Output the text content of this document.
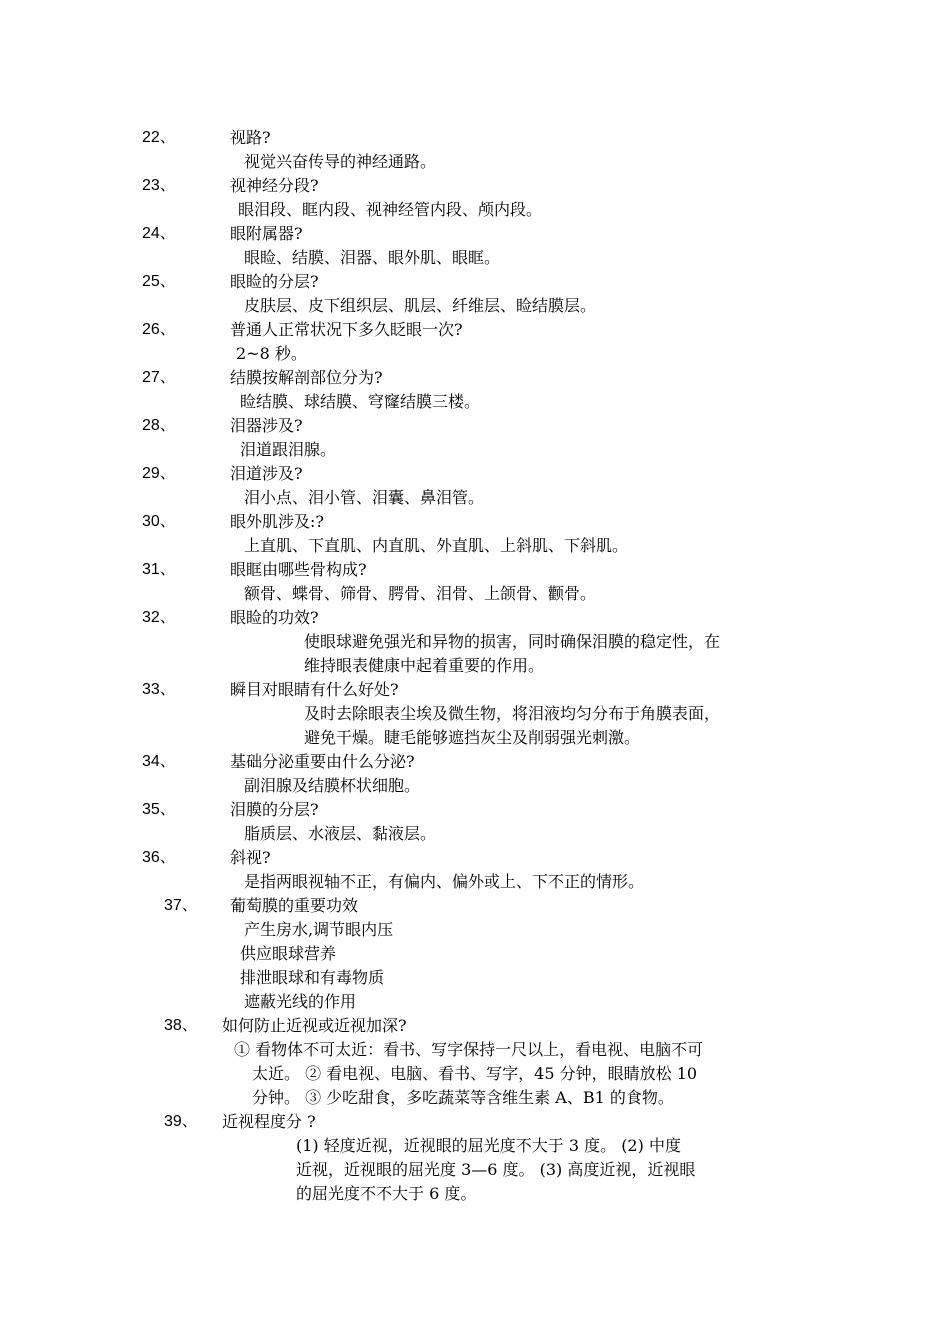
22、	视路?
视觉兴奋传导的神经通路。
23、	视神经分段?
眼泪段、眶内段、视神经管内段、颅内段。
24、	眼附属器?
眼睑、结膜、泪器、眼外肌、眼眶。
25、	眼睑的分层?
皮肤层、皮下组织层、肌层、纤维层、睑结膜层。
26、	普通人正常状况下多久眨眼一次?
2~8 秒。
27、	结膜按解剖部位分为?
睑结膜、球结膜、穹窿结膜三楼。
28、	泪器涉及?
泪道跟泪腺。
29、	泪道涉及?
泪小点、泪小管、泪囊、鼻泪管。
30、	眼外肌涉及:?
上直肌、下直肌、内直肌、外直肌、上斜肌、下斜肌。
31、	眼眶由哪些骨构成?
额骨、蝶骨、筛骨、腭骨、泪骨、上颌骨、颧骨。
32、	眼睑的功效?
使眼球避免强光和异物的损害，同时确保泪膜的稳定性，在
维持眼表健康中起着重要的作用。
33、	瞬目对眼睛有什么好处?
及时去除眼表尘埃及微生物，将泪液均匀分布于角膜表面，
避免干燥。睫毛能够遮挡灰尘及削弱强光刺激。
34、	基础分泌重要由什么分泌?
副泪腺及结膜杯状细胞。
35、	泪膜的分层?
脂质层、水液层、黏液层。
36、	斜视?
是指两眼视轴不正，有偏内、偏外或上、下不正的情形。
37、 葡萄膜的重要功效
产生房水,调节眼内压
供应眼球营养
排泄眼球和有毒物质
遮蔽光线的作用
38、 如何防止近视或近视加深?
① 看物体不可太近：看书、写字保持一尺以上，看电视、电脑不可
太近。 ② 看电视、电脑、看书、写字，45 分钟，眼睛放松 10
分钟。 ③ 少吃甜食，多吃蔬菜等含维生素 A、B1 的食物。
39、 近视程度分 ?
(1) 轻度近视，近视眼的屈光度不大于 3 度。 (2) 中度
近视，近视眼的屈光度 3—6 度。 (3) 高度近视，近视眼
的屈光度不不大于 6 度。
